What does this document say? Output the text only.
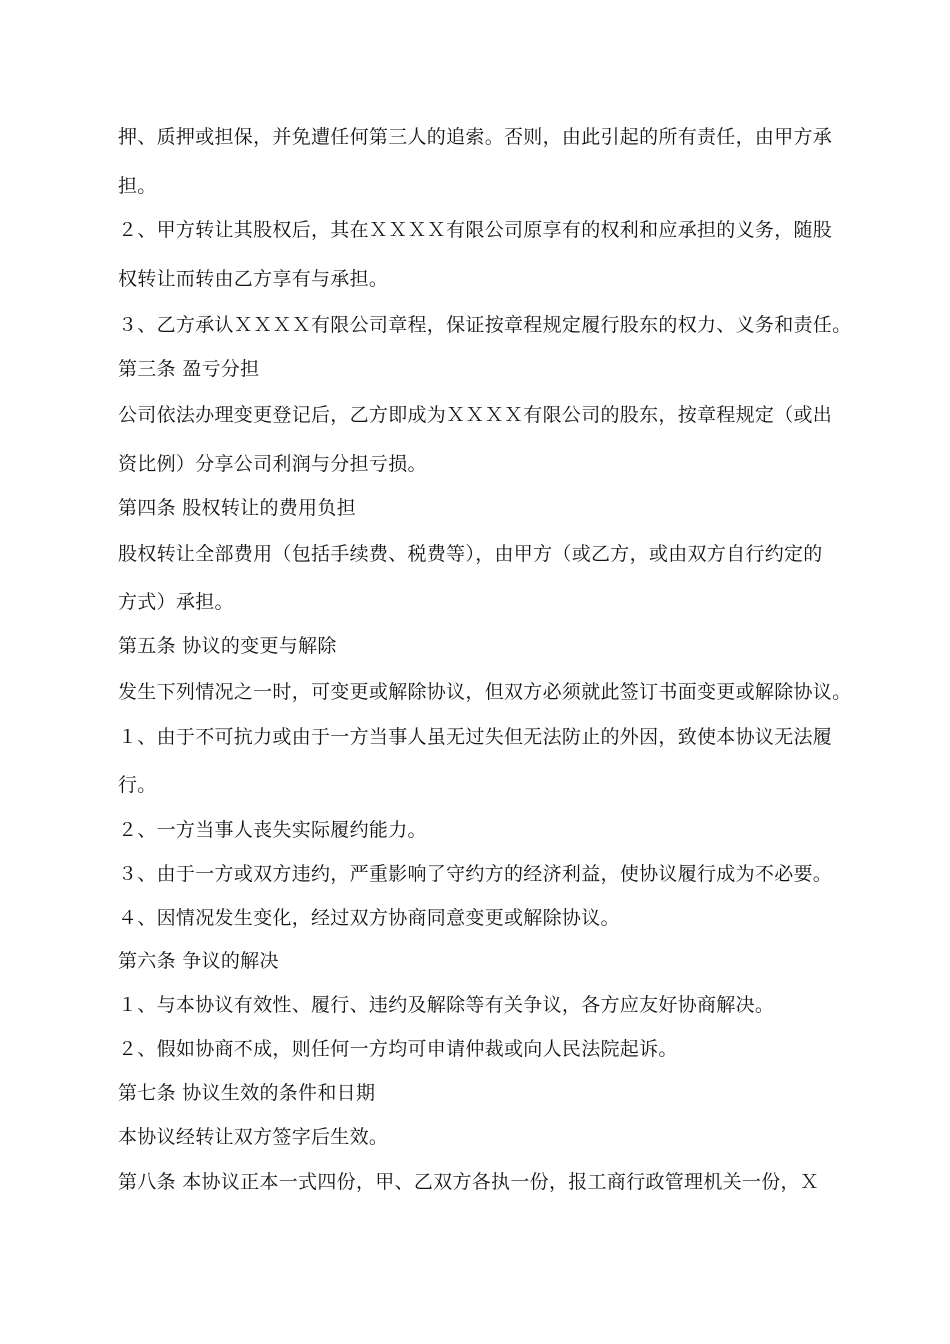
押、质押或担保，并免遭任何第三人的追索。否则，由此引起的所有责任，由甲方承
担。
２、甲方转让其股权后，其在ＸＸＸＸ有限公司原享有的权利和应承担的义务，随股
权转让而转由乙方享有与承担。
３、乙方承认ＸＸＸＸ有限公司章程，保证按章程规定履行股东的权力、义务和责任。
第三条 盈亏分担
公司依法办理变更登记后，乙方即成为ＸＸＸＸ有限公司的股东，按章程规定（或出
资比例）分享公司利润与分担亏损。
第四条 股权转让的费用负担
股权转让全部费用（包括手续费、税费等），由甲方（或乙方，或由双方自行约定的
方式）承担。
第五条 协议的变更与解除
发生下列情况之一时，可变更或解除协议，但双方必须就此签订书面变更或解除协议。
１、由于不可抗力或由于一方当事人虽无过失但无法防止的外因，致使本协议无法履
行。
２、一方当事人丧失实际履约能力。
３、由于一方或双方违约，严重影响了守约方的经济利益，使协议履行成为不必要。
４、因情况发生变化，经过双方协商同意变更或解除协议。
第六条 争议的解决
１、与本协议有效性、履行、违约及解除等有关争议，各方应友好协商解决。
２、假如协商不成，则任何一方均可申请仲裁或向人民法院起诉。
第七条 协议生效的条件和日期
本协议经转让双方签字后生效。
第八条 本协议正本一式四份，甲、乙双方各执一份，报工商行政管理机关一份，Ｘ
